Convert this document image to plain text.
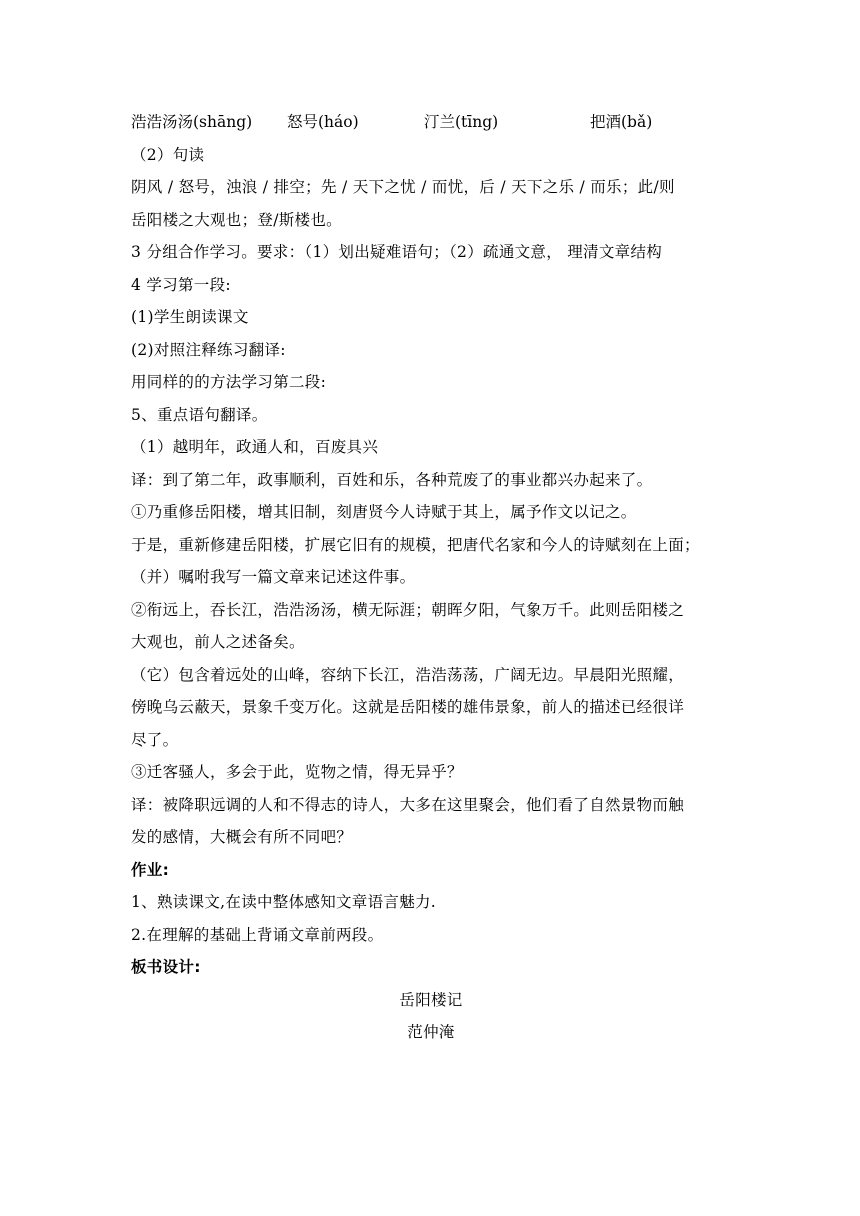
浩浩汤汤(shāng) 怒号(háo)	汀兰(tīng)	把酒(bǎ)
（2）句读
阴风 / 怒号，浊浪 / 排空；先 / 天下之忧 / 而忧，后 / 天下之乐 / 而乐；此/则
岳阳楼之大观也；登/斯楼也。
3 分组合作学习。要求：（1）划出疑难语句；（2）疏通文意， 理清文章结构
4 学习第一段:
(1)学生朗读课文
(2)对照注释练习翻译:
用同样的的方法学习第二段:
5、重点语句翻译。
（1）越明年，政通人和，百废具兴
译：到了第二年，政事顺利，百姓和乐，各种荒废了的事业都兴办起来了。
①乃重修岳阳楼，增其旧制，刻唐贤今人诗赋于其上，属予作文以记之。
于是，重新修建岳阳楼，扩展它旧有的规模，把唐代名家和今人的诗赋刻在上面；
（并）嘱咐我写一篇文章来记述这件事。
②衔远上，吞长江，浩浩汤汤，横无际涯；朝晖夕阳，气象万千。此则岳阳楼之
大观也，前人之述备矣。
（它）包含着远处的山峰，容纳下长江，浩浩荡荡，广阔无边。早晨阳光照耀，
傍晚乌云蔽天，景象千变万化。这就是岳阳楼的雄伟景象，前人的描述已经很详
尽了。
③迁客骚人，多会于此，览物之情，得无异乎？
译：被降职远调的人和不得志的诗人，大多在这里聚会，他们看了自然景物而触
发的感情，大概会有所不同吧？
作业:
1、熟读课文,在读中整体感知文章语言魅力.
2.在理解的基础上背诵文章前两段。
板书设计:
岳阳楼记
范仲淹
